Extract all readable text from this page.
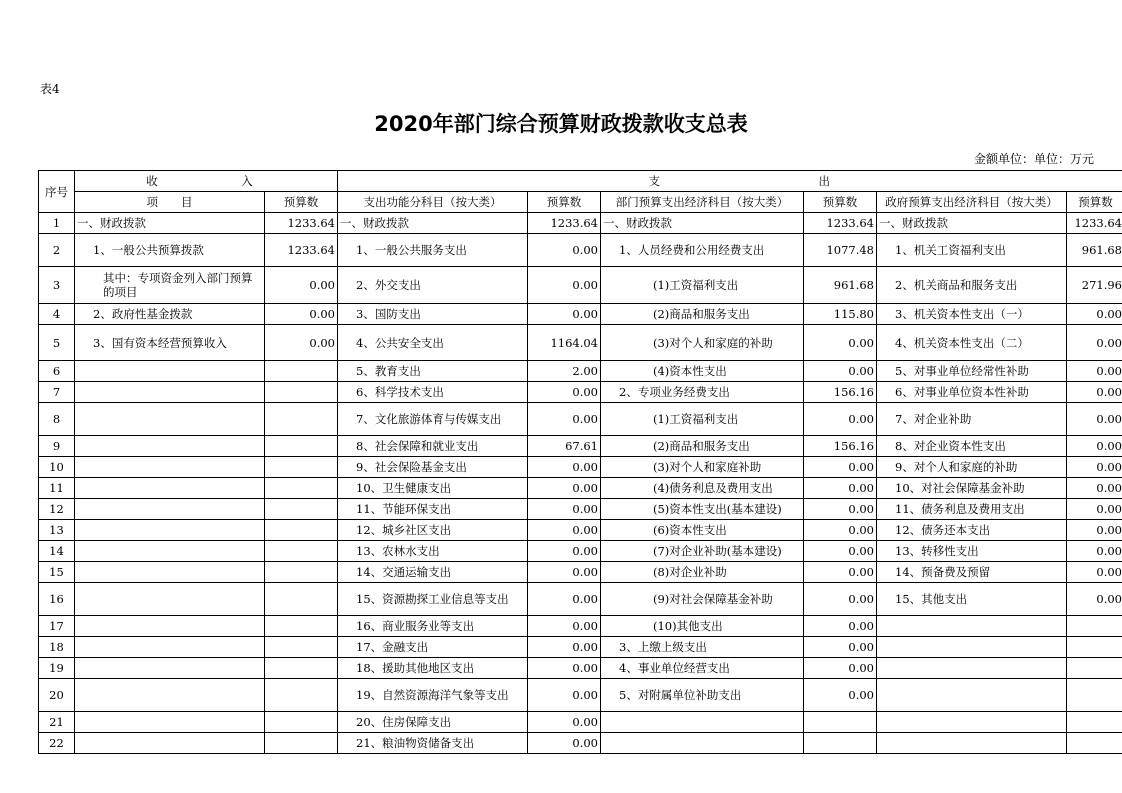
表4
2020年部门综合预算财政拨款收支总表
金额单位：单位：万元
序号	收 入		支 出					
	项　　目	预算数	支出功能分科目（按大类）	预算数	部门预算支出经济科目（按大类）	预算数	政府预算支出经济科目（按大类）	预算数
1	一、财政拨款	1233.64	一、财政拨款	1233.64	一、财政拨款	1233.64	一、财政拨款	1233.64
2	1、一般公共预算拨款	1233.64	1、一般公共服务支出	0.00	1、人员经费和公用经费支出	1077.48	1、机关工资福利支出	961.68
3	其中：专项资金列入部门预算的项目	0.00	2、外交支出	0.00	(1)工资福利支出	961.68	2、机关商品和服务支出	271.96
4	2、政府性基金拨款	0.00	3、国防支出	0.00	(2)商品和服务支出	115.80	3、机关资本性支出（一）	0.00
5	3、国有资本经营预算收入	0.00	4、公共安全支出	1164.04	(3)对个人和家庭的补助	0.00	4、机关资本性支出（二）	0.00
6			5、教育支出	2.00	(4)资本性支出	0.00	5、对事业单位经常性补助	0.00
7			6、科学技术支出	0.00	2、专项业务经费支出	156.16	6、对事业单位资本性补助	0.00
8			7、文化旅游体育与传媒支出	0.00	(1)工资福利支出	0.00	7、对企业补助	0.00
9			8、社会保障和就业支出	67.61	(2)商品和服务支出	156.16	8、对企业资本性支出	0.00
10			9、社会保险基金支出	0.00	(3)对个人和家庭补助	0.00	9、对个人和家庭的补助	0.00
11			10、卫生健康支出	0.00	(4)债务利息及费用支出	0.00	10、对社会保障基金补助	0.00
12			11、节能环保支出	0.00	(5)资本性支出(基本建设)	0.00	11、债务利息及费用支出	0.00
13			12、城乡社区支出	0.00	(6)资本性支出	0.00	12、债务还本支出	0.00
14			13、农林水支出	0.00	(7)对企业补助(基本建设)	0.00	13、转移性支出	0.00
15			14、交通运输支出	0.00	(8)对企业补助	0.00	14、预备费及预留	0.00
16			15、资源勘探工业信息等支出	0.00	(9)对社会保障基金补助	0.00	15、其他支出	0.00
17			16、商业服务业等支出	0.00	(10)其他支出	0.00		
18			17、金融支出	0.00	3、上缴上级支出	0.00		
19			18、援助其他地区支出	0.00	4、事业单位经营支出	0.00		
20			19、自然资源海洋气象等支出	0.00	5、对附属单位补助支出	0.00		
21			20、住房保障支出	0.00				
22			21、粮油物资储备支出	0.00				
